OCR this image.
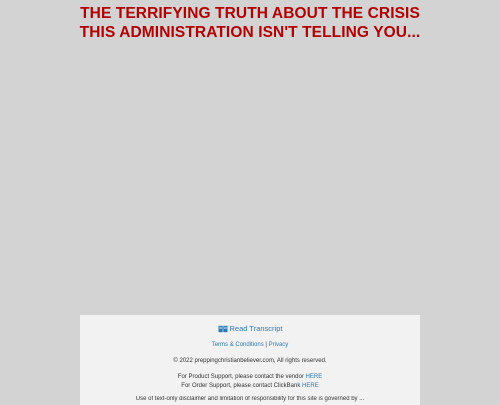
THE TERRIFYING TRUTH ABOUT THE CRISIS
THIS ADMINISTRATION ISN'T TELLING YOU...
Read Transcript
Terms & Conditions | Privacy
© 2022 preppingchristianbeliever.com, All rights reserved.
For Product Support, please contact the vendor HERE
For Order Support, please contact ClickBank HERE
Use of text-only disclaimer and limitation of responsibility for this site is governed by ...
